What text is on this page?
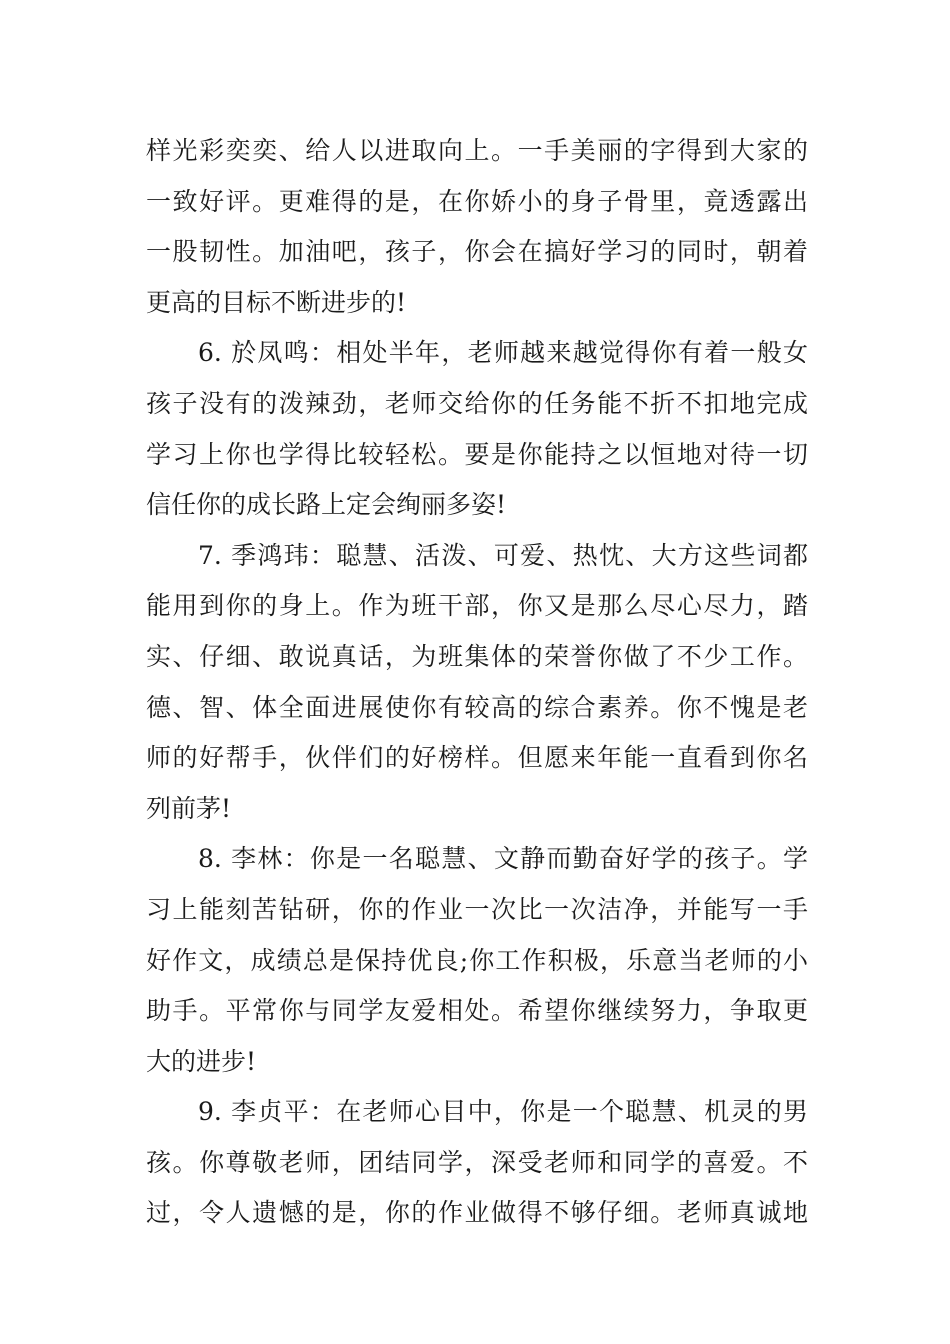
样光彩奕奕、给人以进取向上。一手美丽的字得到大家的
一致好评。更难得的是，在你娇小的身子骨里，竟透露出
一股韧性。加油吧，孩子，你会在搞好学习的同时，朝着
更高的目标不断进步的!
6. 於凤鸣：相处半年，老师越来越觉得你有着一般女
孩子没有的泼辣劲，老师交给你的任务能不折不扣地完成
学习上你也学得比较轻松。要是你能持之以恒地对待一切
信任你的成长路上定会绚丽多姿!
7. 季鸿玮：聪慧、活泼、可爱、热忱、大方这些词都
能用到你的身上。作为班干部，你又是那么尽心尽力，踏
实、仔细、敢说真话，为班集体的荣誉你做了不少工作。
德、智、体全面进展使你有较高的综合素养。你不愧是老
师的好帮手，伙伴们的好榜样。但愿来年能一直看到你名
列前茅!
8. 李林：你是一名聪慧、文静而勤奋好学的孩子。学
习上能刻苦钻研，你的作业一次比一次洁净，并能写一手
好作文，成绩总是保持优良;你工作积极，乐意当老师的小
助手。平常你与同学友爱相处。希望你继续努力，争取更
大的进步!
9. 李贞平：在老师心目中，你是一个聪慧、机灵的男
孩。你尊敬老师，团结同学，深受老师和同学的喜爱。不
过，令人遗憾的是，你的作业做得不够仔细。老师真诚地
